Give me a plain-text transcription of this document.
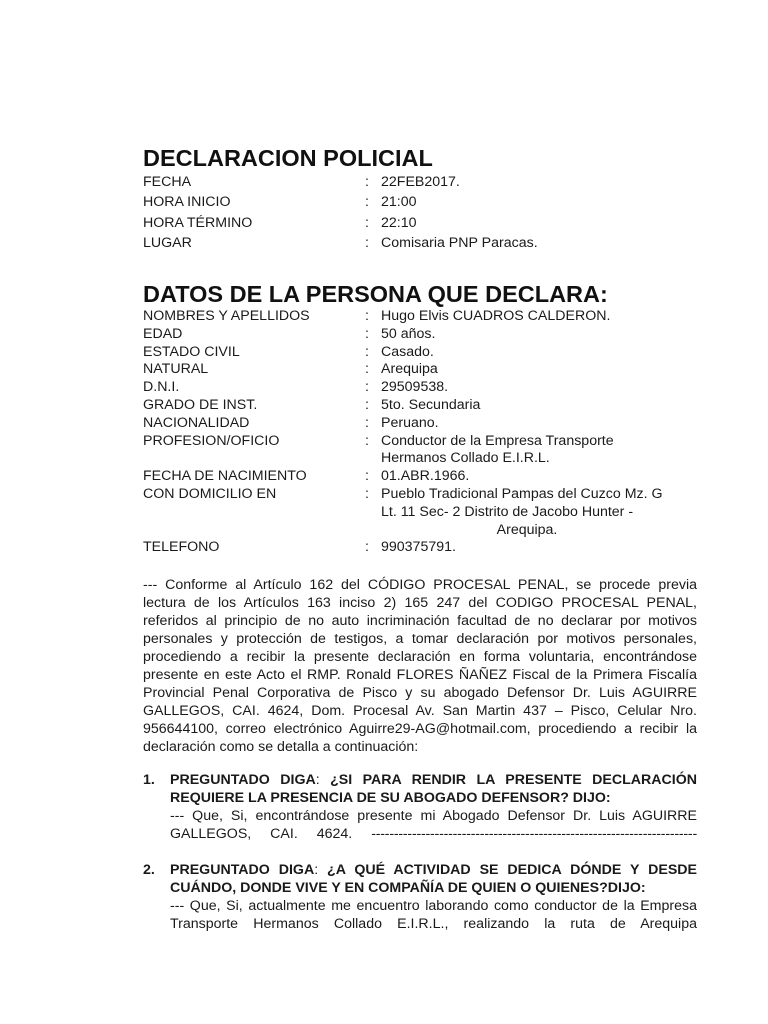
DECLARACION POLICIAL
FECHA	: 22FEB2017.
HORA INICIO	: 21:00
HORA TÉRMINO	: 22:10
LUGAR	: Comisaria PNP Paracas.
DATOS DE LA PERSONA QUE DECLARA:
NOMBRES Y APELLIDOS	: Hugo Elvis CUADROS CALDERON.
EDAD	: 50 años.
ESTADO CIVIL	: Casado.
NATURAL	: Arequipa
D.N.I.	: 29509538.
GRADO DE INST.	: 5to. Secundaria
NACIONALIDAD	: Peruano.
PROFESION/OFICIO	: Conductor de la Empresa Transporte
Hermanos Collado E.I.R.L.
FECHA DE NACIMIENTO	: 01.ABR.1966.
CON DOMICILIO EN	: Pueblo Tradicional Pampas del Cuzco Mz. G
Lt. 11 Sec- 2 Distrito de Jacobo Hunter -
Arequipa.
TELEFONO	: 990375791.

--- Conforme al Artículo 162 del CÓDIGO PROCESAL PENAL, se procede previa lectura de los Artículos 163 inciso 2) 165 247 del CODIGO PROCESAL PENAL, referidos al principio de no auto incriminación facultad de no declarar por motivos personales y protección de testigos, a tomar declaración por motivos personales, procediendo a recibir la presente declaración en forma voluntaria, encontrándose presente en este Acto el RMP. Ronald FLORES ÑAÑEZ Fiscal de la Primera Fiscalía Provincial Penal Corporativa de Pisco y su abogado Defensor Dr. Luis AGUIRRE GALLEGOS, CAI. 4624, Dom. Procesal Av. San Martin 437 – Pisco, Celular Nro. 956644100, correo electrónico Aguirre29-AG@hotmail.com, procediendo a recibir la declaración como se detalla a continuación:

1. PREGUNTADO DIGA: ¿SI PARA RENDIR LA PRESENTE DECLARACIÓN REQUIERE LA PRESENCIA DE SU ABOGADO DEFENSOR? DIJO:
--- Que, Si, encontrándose presente mi Abogado Defensor Dr. Luis AGUIRRE GALLEGOS, CAI. 4624. ------------------------------------------------------------------------
2. PREGUNTADO DIGA: ¿A QUÉ ACTIVIDAD SE DEDICA DÓNDE Y DESDE CUÁNDO, DONDE VIVE Y EN COMPAÑÍA DE QUIEN O QUIENES?DIJO:
--- Que, Si, actualmente me encuentro laborando como conductor de la Empresa Transporte Hermanos Collado E.I.R.L., realizando la ruta de Arequipa
